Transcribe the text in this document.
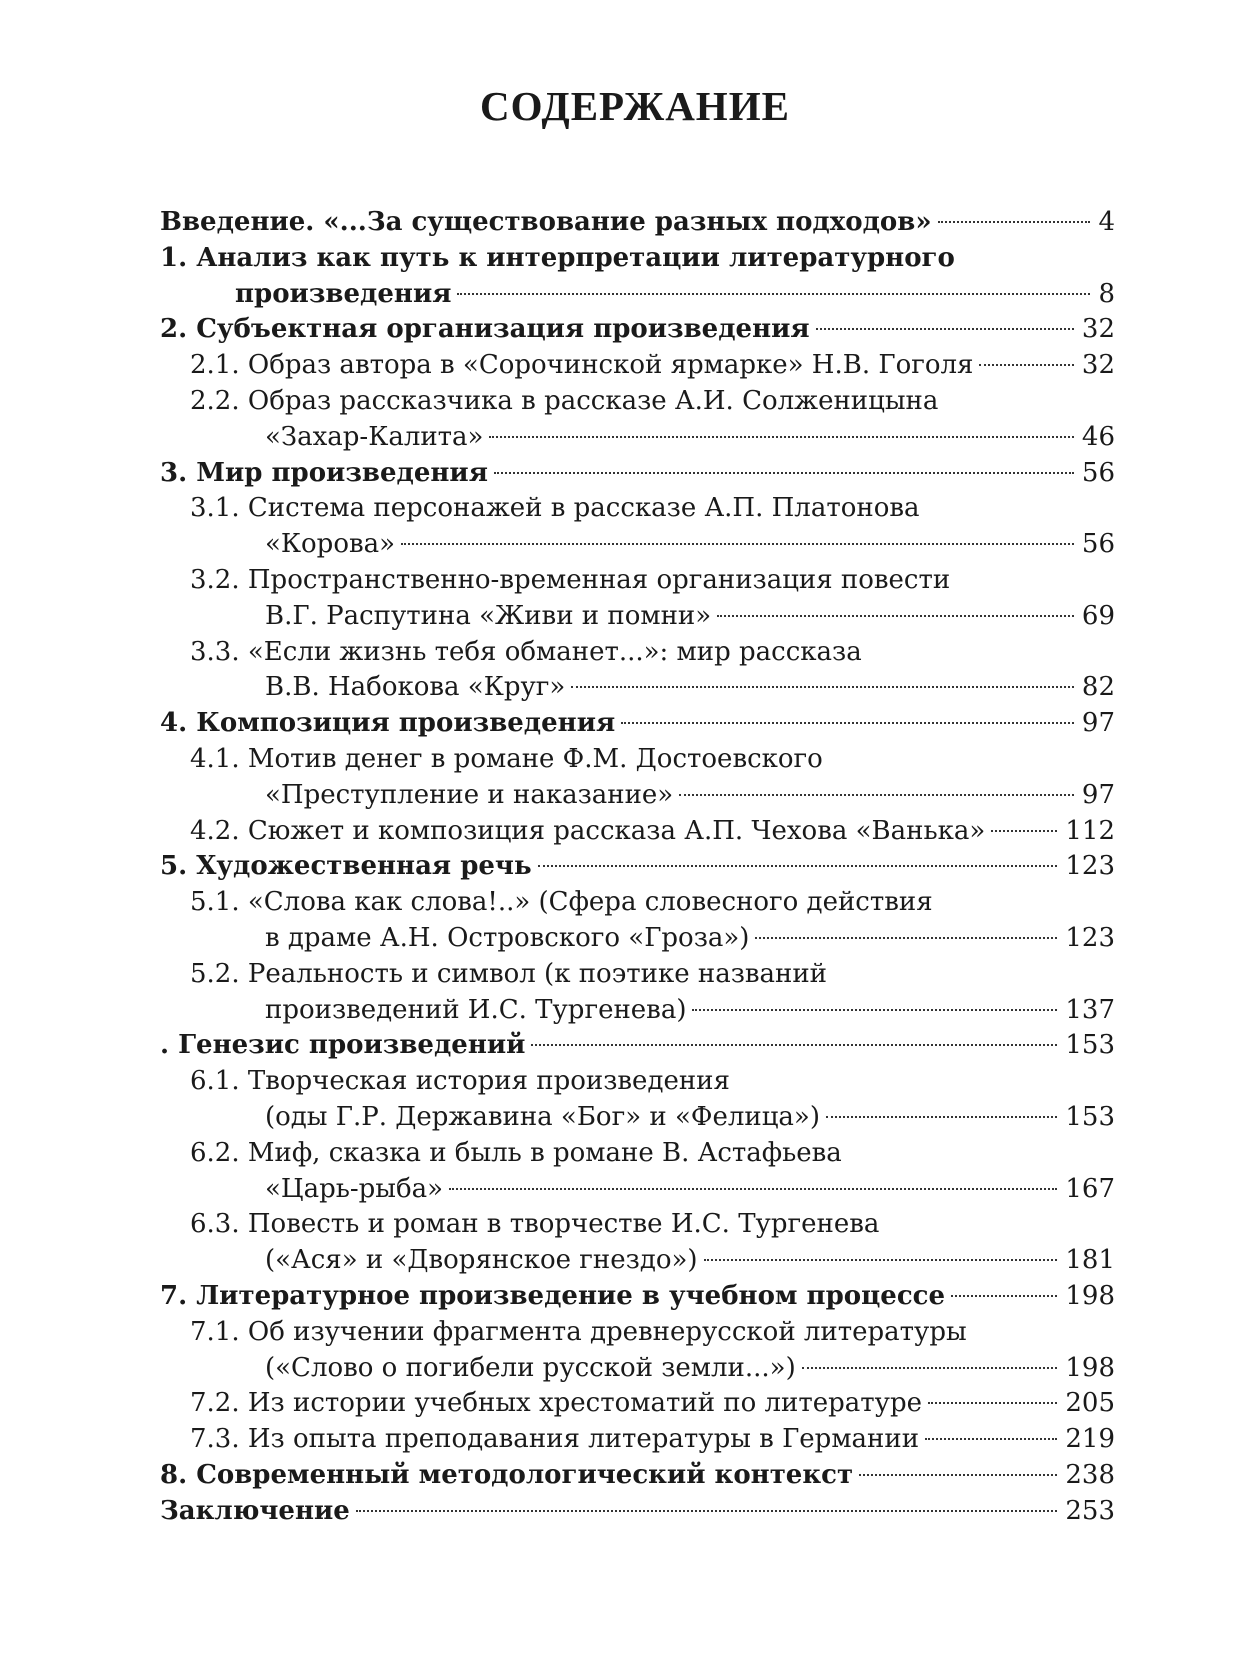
СОДЕРЖАНИЕ
Введение. «...За существование разных подходов»	4
1. Анализ как путь к интерпретации литературного
произведения	8
2. Субъектная организация произведения	32
2.1. Образ автора в «Сорочинской ярмарке» Н.В. Гоголя	32
2.2. Образ рассказчика в рассказе А.И. Солженицына
«Захар-Калита»	46
3. Мир произведения	56
3.1. Система персонажей в рассказе А.П. Платонова
«Корова»	56
3.2. Пространственно-временная организация повести
В.Г. Распутина «Живи и помни»	69
3.3. «Если жизнь тебя обманет...»: мир рассказа
В.В. Набокова «Круг»	82
4. Композиция произведения	97
4.1. Мотив денег в романе Ф.М. Достоевского
«Преступление и наказание»	97
4.2. Сюжет и композиция рассказа А.П. Чехова «Ванька»	112
5. Художественная речь	123
5.1. «Слова как слова!..» (Сфера словесного действия
в драме А.Н. Островского «Гроза»)	123
5.2. Реальность и символ (к поэтике названий
произведений И.С. Тургенева)	137
. Генезис произведений	153
6.1. Творческая история произведения
(оды Г.Р. Державина «Бог» и «Фелица»)	153
6.2. Миф, сказка и быль в романе В. Астафьева
«Царь-рыба»	167
6.3. Повесть и роман в творчестве И.С. Тургенева
(«Ася» и «Дворянское гнездо»)	181
7. Литературное произведение в учебном процессе	198
7.1. Об изучении фрагмента древнерусской литературы
(«Слово о погибели русской земли...»)	198
7.2. Из истории учебных хрестоматий по литературе	205
7.3. Из опыта преподавания литературы в Германии	219
8. Современный методологический контекст	238
Заключение	253
